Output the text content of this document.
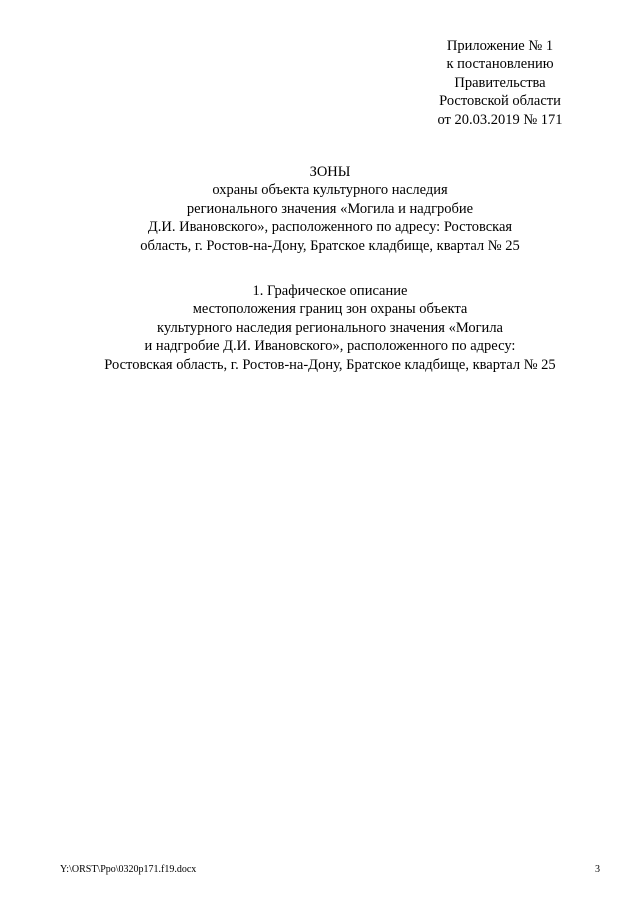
Приложение № 1
к постановлению
Правительства
Ростовской области
от 20.03.2019 № 171
ЗОНЫ
охраны объекта культурного наследия
регионального значения «Могила и надгробие
Д.И. Ивановского», расположенного по адресу: Ростовская
область, г. Ростов-на-Дону, Братское кладбище, квартал № 25
1. Графическое описание
местоположения границ зон охраны объекта
культурного наследия регионального значения «Могила
и надгробие Д.И. Ивановского», расположенного по адресу:
Ростовская область, г. Ростов-на-Дону, Братское кладбище, квартал № 25
Y:\ORST\Ppo\0320p171.f19.docx	3
